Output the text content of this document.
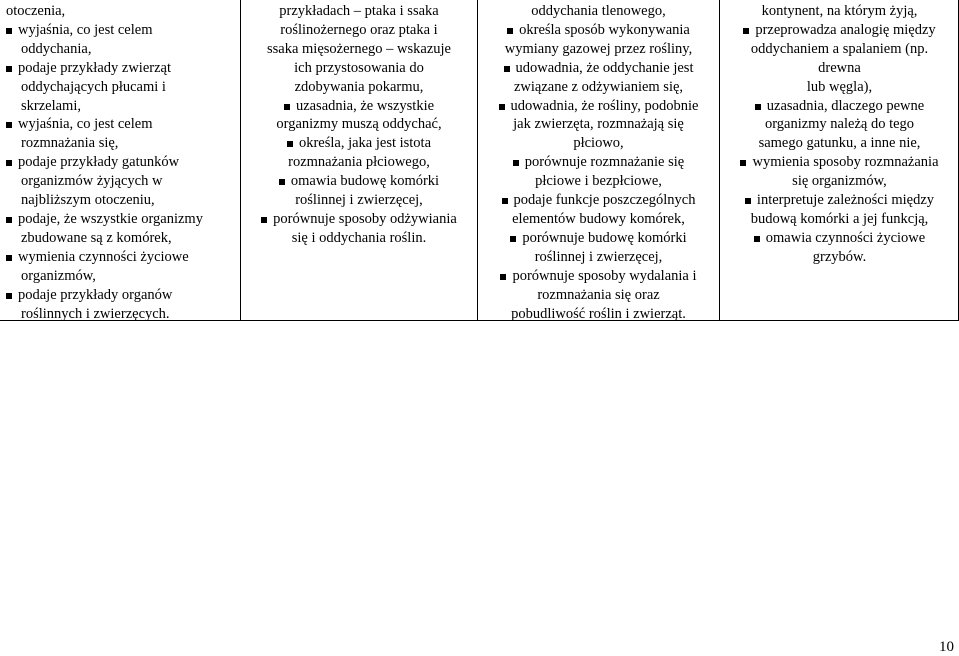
otoczenia,
wyjaśnia, co jest celem
oddychania,
podaje przykłady zwierząt
oddychających płucami i
skrzelami,
wyjaśnia, co jest celem
rozmnażania się,
podaje przykłady gatunków
organizmów żyjących w
najbliższym otoczeniu,
podaje, że wszystkie organizmy
zbudowane są z komórek,
wymienia czynności życiowe
organizmów,
podaje przykłady organów
roślinnych i zwierzęcych.
przykładach – ptaka i ssaka
roślinożernego oraz ptaka i
ssaka mięsożernego – wskazuje
ich przystosowania do
zdobywania pokarmu,
uzasadnia, że wszystkie
organizmy muszą oddychać,
określa, jaka jest istota
rozmnażania płciowego,
omawia budowę komórki
roślinnej i zwierzęcej,
porównuje sposoby odżywiania
się i oddychania roślin.
oddychania tlenowego,
określa sposób wykonywania
wymiany gazowej przez rośliny,
udowadnia, że oddychanie jest
związane z odżywianiem się,
udowadnia, że rośliny, podobnie
jak zwierzęta, rozmnażają się
płciowo,
porównuje rozmnażanie się
płciowe i bezpłciowe,
podaje funkcje poszczególnych
elementów budowy komórek,
porównuje budowę komórki
roślinnej i zwierzęcej,
porównuje sposoby wydalania i
rozmnażania się oraz
pobudliwość roślin i zwierząt.
kontynent, na którym żyją,
przeprowadza analogię między
oddychaniem a spalaniem (np.
drewna
lub węgla),
uzasadnia, dlaczego pewne
organizmy należą do tego
samego gatunku, a inne nie,
wymienia sposoby rozmnażania
się organizmów,
interpretuje zależności między
budową komórki a jej funkcją,
omawia czynności życiowe
grzybów.
10
